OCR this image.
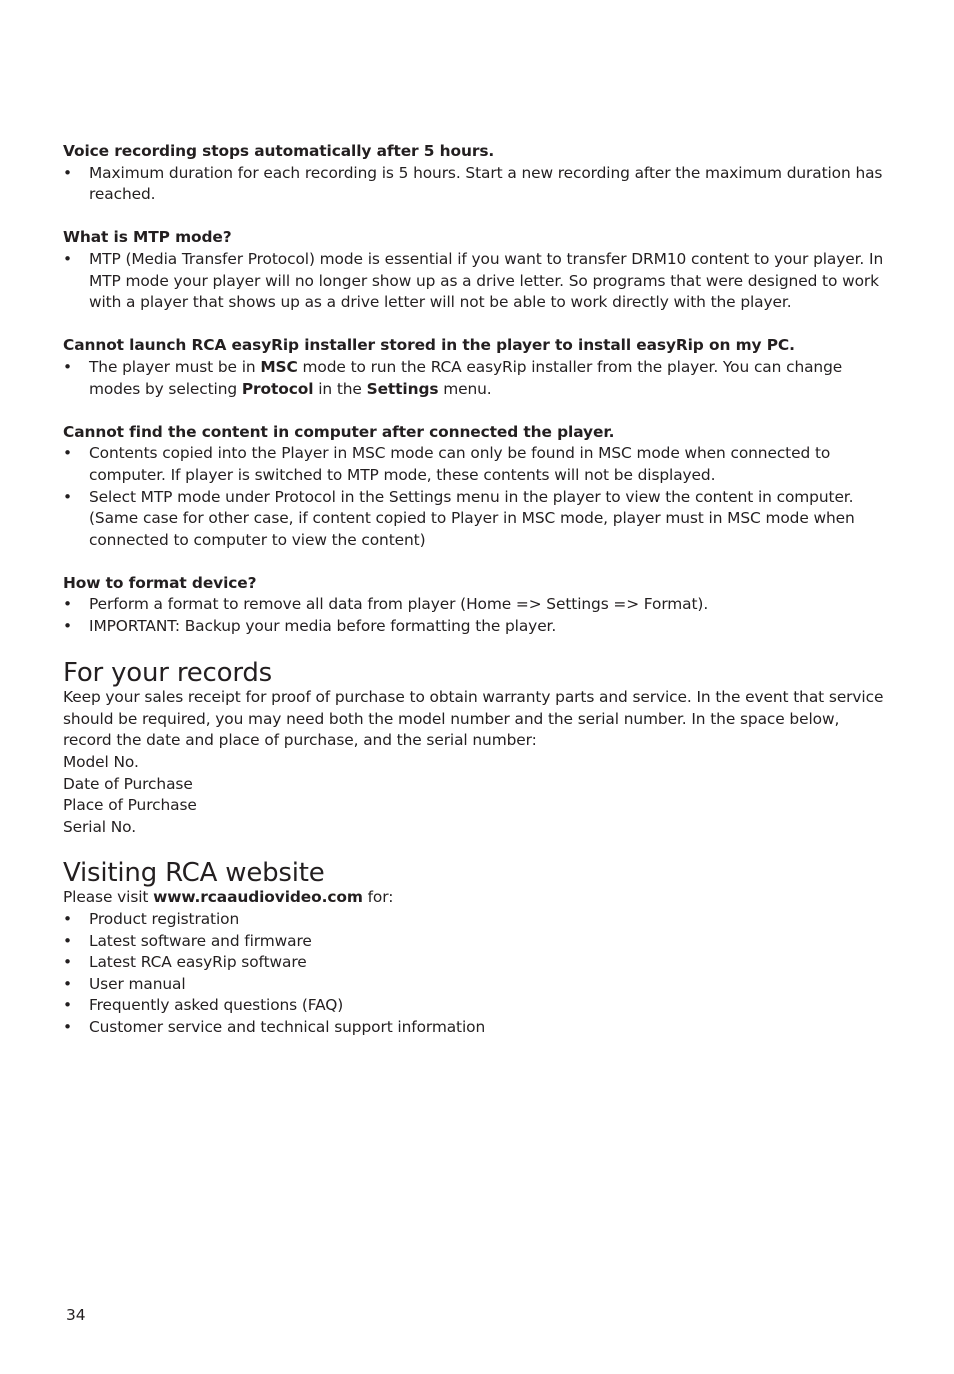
Voice recording stops automatically after 5 hours.
• Maximum duration for each recording is 5 hours. Start a new recording after the maximum duration has reached.
What is MTP mode?
• MTP (Media Transfer Protocol) mode is essential if you want to transfer DRM10 content to your player. In MTP mode your player will no longer show up as a drive letter. So programs that were designed to work with a player that shows up as a drive letter will not be able to work directly with the player.
Cannot launch RCA easyRip installer stored in the player to install easyRip on my PC.
• The player must be in MSC mode to run the RCA easyRip installer from the player. You can change modes by selecting Protocol in the Settings menu.
Cannot find the content in computer after connected the player.
• Contents copied into the Player in MSC mode can only be found in MSC mode when connected to computer. If player is switched to MTP mode, these contents will not be displayed.
• Select MTP mode under Protocol in the Settings menu in the player to view the content in computer. (Same case for other case, if content copied to Player in MSC mode, player must in MSC mode when connected to computer to view the content)
How to format device?
• Perform a format to remove all data from player (Home => Settings => Format).
• IMPORTANT: Backup your media before formatting the player.
For your records

Keep your sales receipt for proof of purchase to obtain warranty parts and service. In the event that service should be required, you may need both the model number and the serial number. In the space below, record the date and place of purchase, and the serial number:

Model No.
Date of Purchase
Place of Purchase
Serial No.
Visiting RCA website

Please visit www.rcaaudiovideo.com for:

• Product registration
• Latest software and firmware
• Latest RCA easyRip software
• User manual
• Frequently asked questions (FAQ)
• Customer service and technical support information
34
